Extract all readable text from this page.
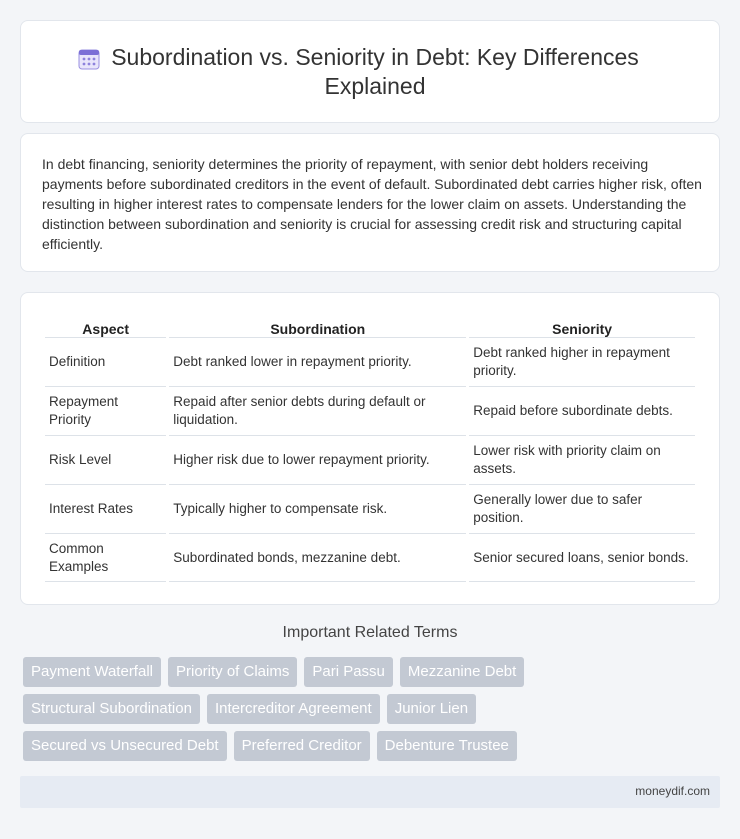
Subordination vs. Seniority in Debt: Key Differences Explained

In debt financing, seniority determines the priority of repayment, with senior debt holders receiving payments before subordinated creditors in the event of default. Subordinated debt carries higher risk, often resulting in higher interest rates to compensate lenders for the lower claim on assets. Understanding the distinction between subordination and seniority is crucial for assessing credit risk and structuring capital efficiently.

Aspect	Subordination	Seniority
Definition	Debt ranked lower in repayment priority.	Debt ranked higher in repayment priority.
Repayment Priority	Repaid after senior debts during default or liquidation.	Repaid before subordinate debts.
Risk Level	Higher risk due to lower repayment priority.	Lower risk with priority claim on assets.
Interest Rates	Typically higher to compensate risk.	Generally lower due to safer position.
Common Examples	Subordinated bonds, mezzanine debt.	Senior secured loans, senior bonds.
Important Related Terms
Payment Waterfall	Priority of Claims	Pari Passu	Mezzanine Debt
Structural Subordination	Intercreditor Agreement	Junior Lien
Secured vs Unsecured Debt	Preferred Creditor	Debenture Trustee
moneydif.com
